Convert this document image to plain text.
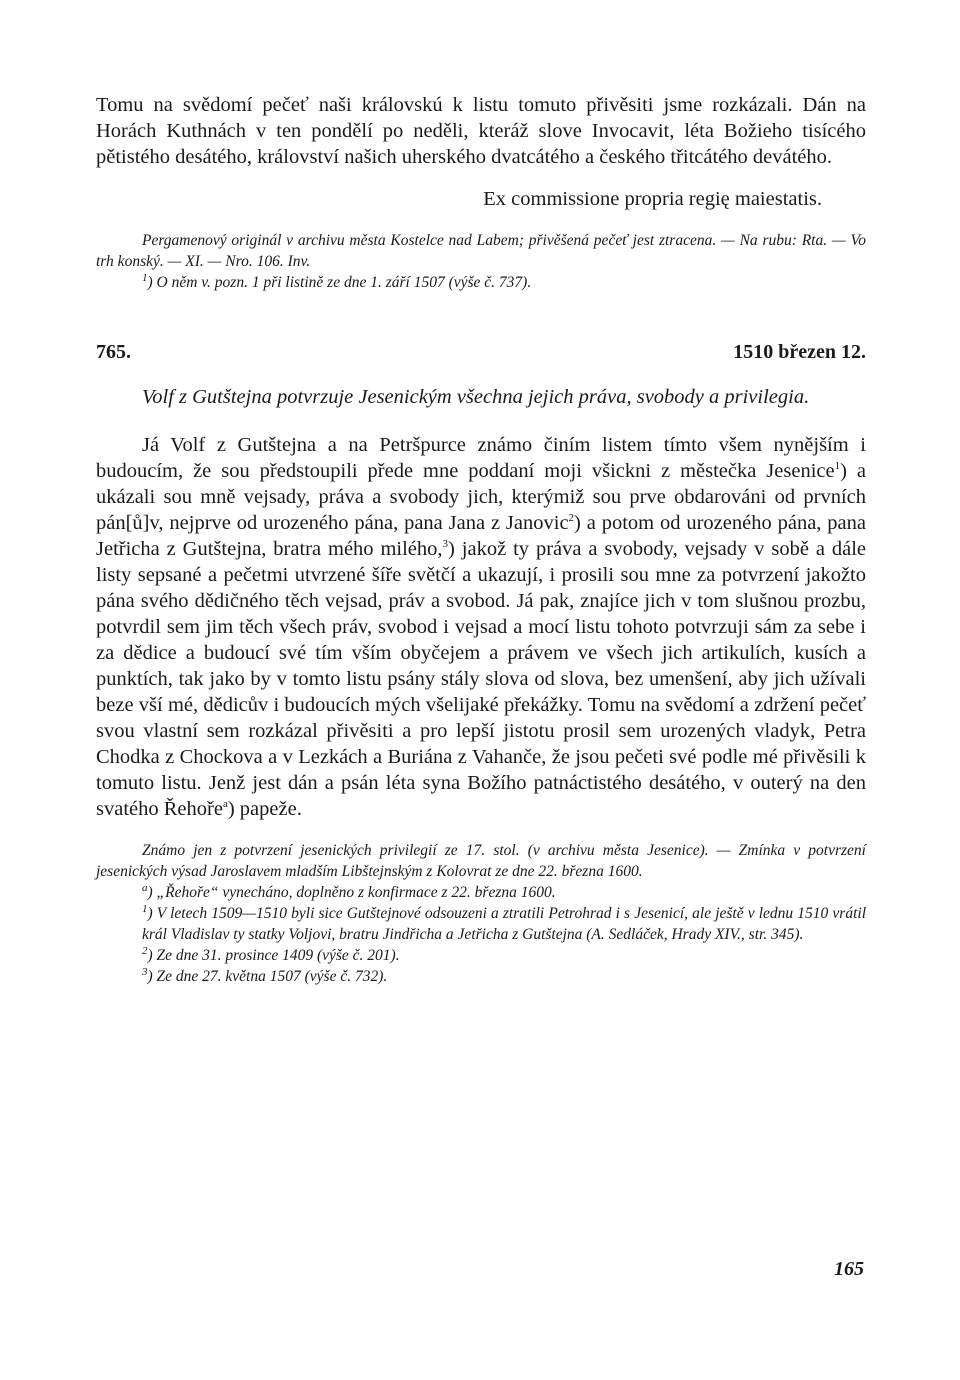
Tomu na svědomí pečeť naši královskú k listu tomuto přivěsiti jsme rozkázali. Dán na Horách Kuthnách v ten pondělí po neděli, kteráž slove Invocavit, léta Božieho tisícého pětistého desátého, království našich uherského dvatcátého a českého třitcátého devátého.

Ex commissione propria regię maiestatis.

Pergamenový originál v archivu města Kostelce nad Labem; přivěšená pečeť jest ztracena. — Na rubu: Rta. — Vo trh konský. — XI. — Nro. 106. Inv.

$^1$) O něm v. pozn. 1 při listině ze dne 1. září 1507 (výše č. 737).

765.	1510 březen 12.

Volf z Gutštejna potvrzuje Jesenickým všechna jejich práva, svobody a privilegia.

Já Volf z Gutštejna a na Petršpurce známo činím listem tímto všem nynějším i budoucím, že sou předstoupili přede mne poddaní moji všickni z městečka Jesenice$^1$) a ukázali sou mně vejsady, práva a svobody jich, kterýmiž sou prve obdarováni od prvních pán[ů]v, nejprve od urozeného pána, pana Jana z Janovic$^2$) a potom od urozeného pána, pana Jetřicha z Gutštejna, bratra mého milého,$^3$) jakož ty práva a svobody, vejsady v sobě a dále listy sepsané a pečetmi utvrzené šíře světčí a ukazují, i prosili sou mne za potvrzení jakožto pána svého dědičného těch vejsad, práv a svobod. Já pak, znajíce jich v tom slušnou prozbu, potvrdil sem jim těch všech práv, svobod i vejsad a mocí listu tohoto potvrzuji sám za sebe i za dědice a budoucí své tím vším obyčejem a právem ve všech jich artikulích, kusích a punktích, tak jako by v tomto listu psány stály slova od slova, bez umenšení, aby jich užívali beze vší mé, dědicův i budoucích mých všelijaké překážky. Tomu na svědomí a zdržení pečeť svou vlastní sem rozkázal přivěsiti a pro lepší jistotu prosil sem urozených vladyk, Petra Chodka z Chockova a v Lezkách a Buriána z Vahanče, že jsou pečeti své podle mé přivěsili k tomuto listu. Jenž jest dán a psán léta syna Božího patnáctistého desátého, v outerý na den svatého Řehoře$^a$) papeže.

Známo jen z potvrzení jesenických privilegií ze 17. stol. (v archivu města Jesenice). — Zmínka v potvrzení jesenických výsad Jaroslavem mladším Libštejnským z Kolovrat ze dne 22. března 1600.

$^a$) „Řehoře“ vynecháno, doplněno z konfirmace z 22. března 1600.

$^1$) V letech 1509—1510 byli sice Gutštejnové odsouzeni a ztratili Petrohrad i s Jesenicí, ale ještě v lednu 1510 vrátil král Vladislav ty statky Voljovi, bratru Jindřicha a Jetřicha z Gutštejna (A. Sedláček, Hrady XIV., str. 345).

$^2$) Ze dne 31. prosince 1409 (výše č. 201).

$^3$) Ze dne 27. května 1507 (výše č. 732).

165
